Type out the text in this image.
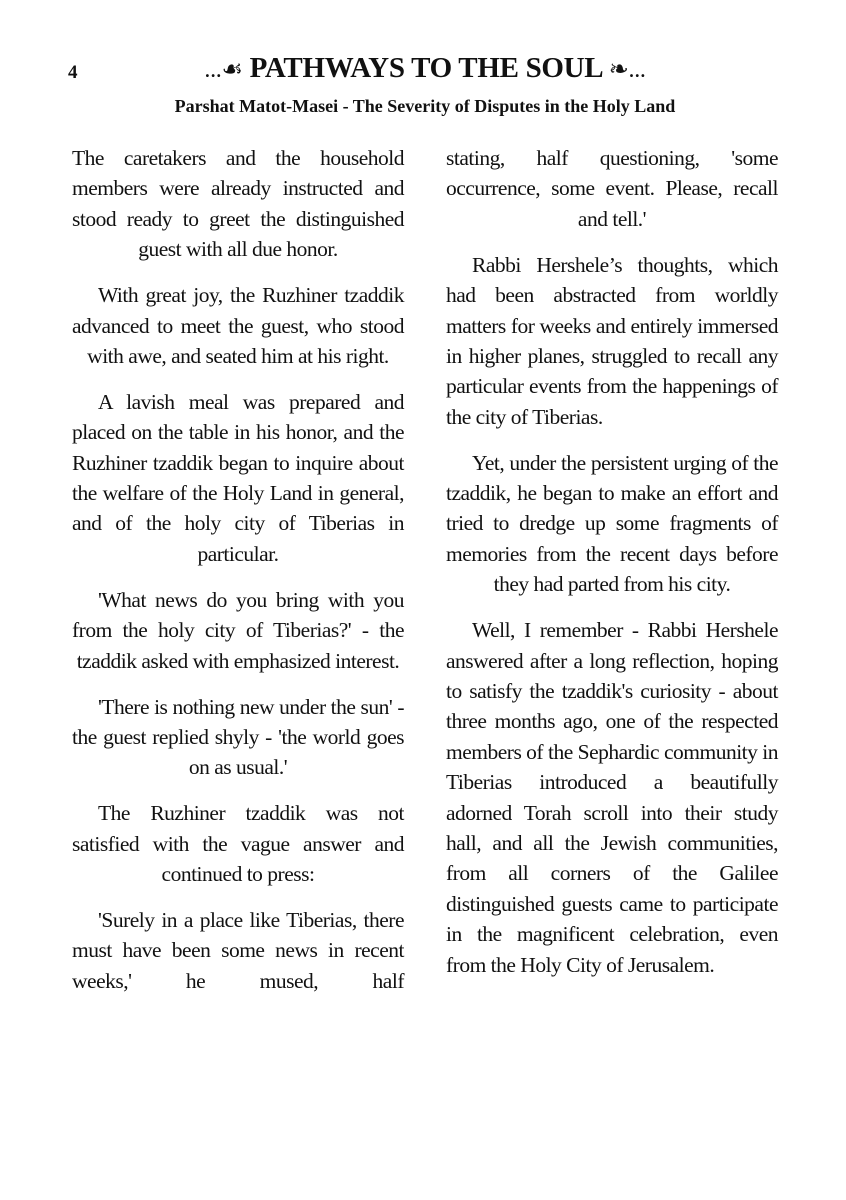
4	...☙ PATHWAYS TO THE SOUL ❧...
Parshat Matot-Masei - The Severity of Disputes in the Holy Land

The caretakers and the household members were already instructed and stood ready to greet the distinguished guest with all due honor.

With great joy, the Ruzhiner tzaddik advanced to meet the guest, who stood with awe, and seated him at his right.

A lavish meal was prepared and placed on the table in his honor, and the Ruzhiner tzaddik began to inquire about the welfare of the Holy Land in general, and of the holy city of Tiberias in particular.

'What news do you bring with you from the holy city of Tiberias?' - the tzaddik asked with emphasized interest.

'There is nothing new under the sun' - the guest replied shyly - 'the world goes on as usual.'

The Ruzhiner tzaddik was not satisfied with the vague answer and continued to press:

'Surely in a place like Tiberias, there must have been some news in recent weeks,' he mused, half

stating, half questioning, 'some occurrence, some event. Please, recall and tell.'

Rabbi Hershele’s thoughts, which had been abstracted from worldly matters for weeks and entirely immersed in higher planes, struggled to recall any particular events from the happenings of the city of Tiberias.

Yet, under the persistent urging of the tzaddik, he began to make an effort and tried to dredge up some fragments of memories from the recent days before they had parted from his city.

Well, I remember - Rabbi Hershele answered after a long reflection, hoping to satisfy the tzaddik's curiosity - about three months ago, one of the respected members of the Sephardic community in Tiberias introduced a beautifully adorned Torah scroll into their study hall, and all the Jewish communities, from all corners of the Galilee distinguished guests came to participate in the magnificent celebration, even from the Holy City of Jerusalem.
